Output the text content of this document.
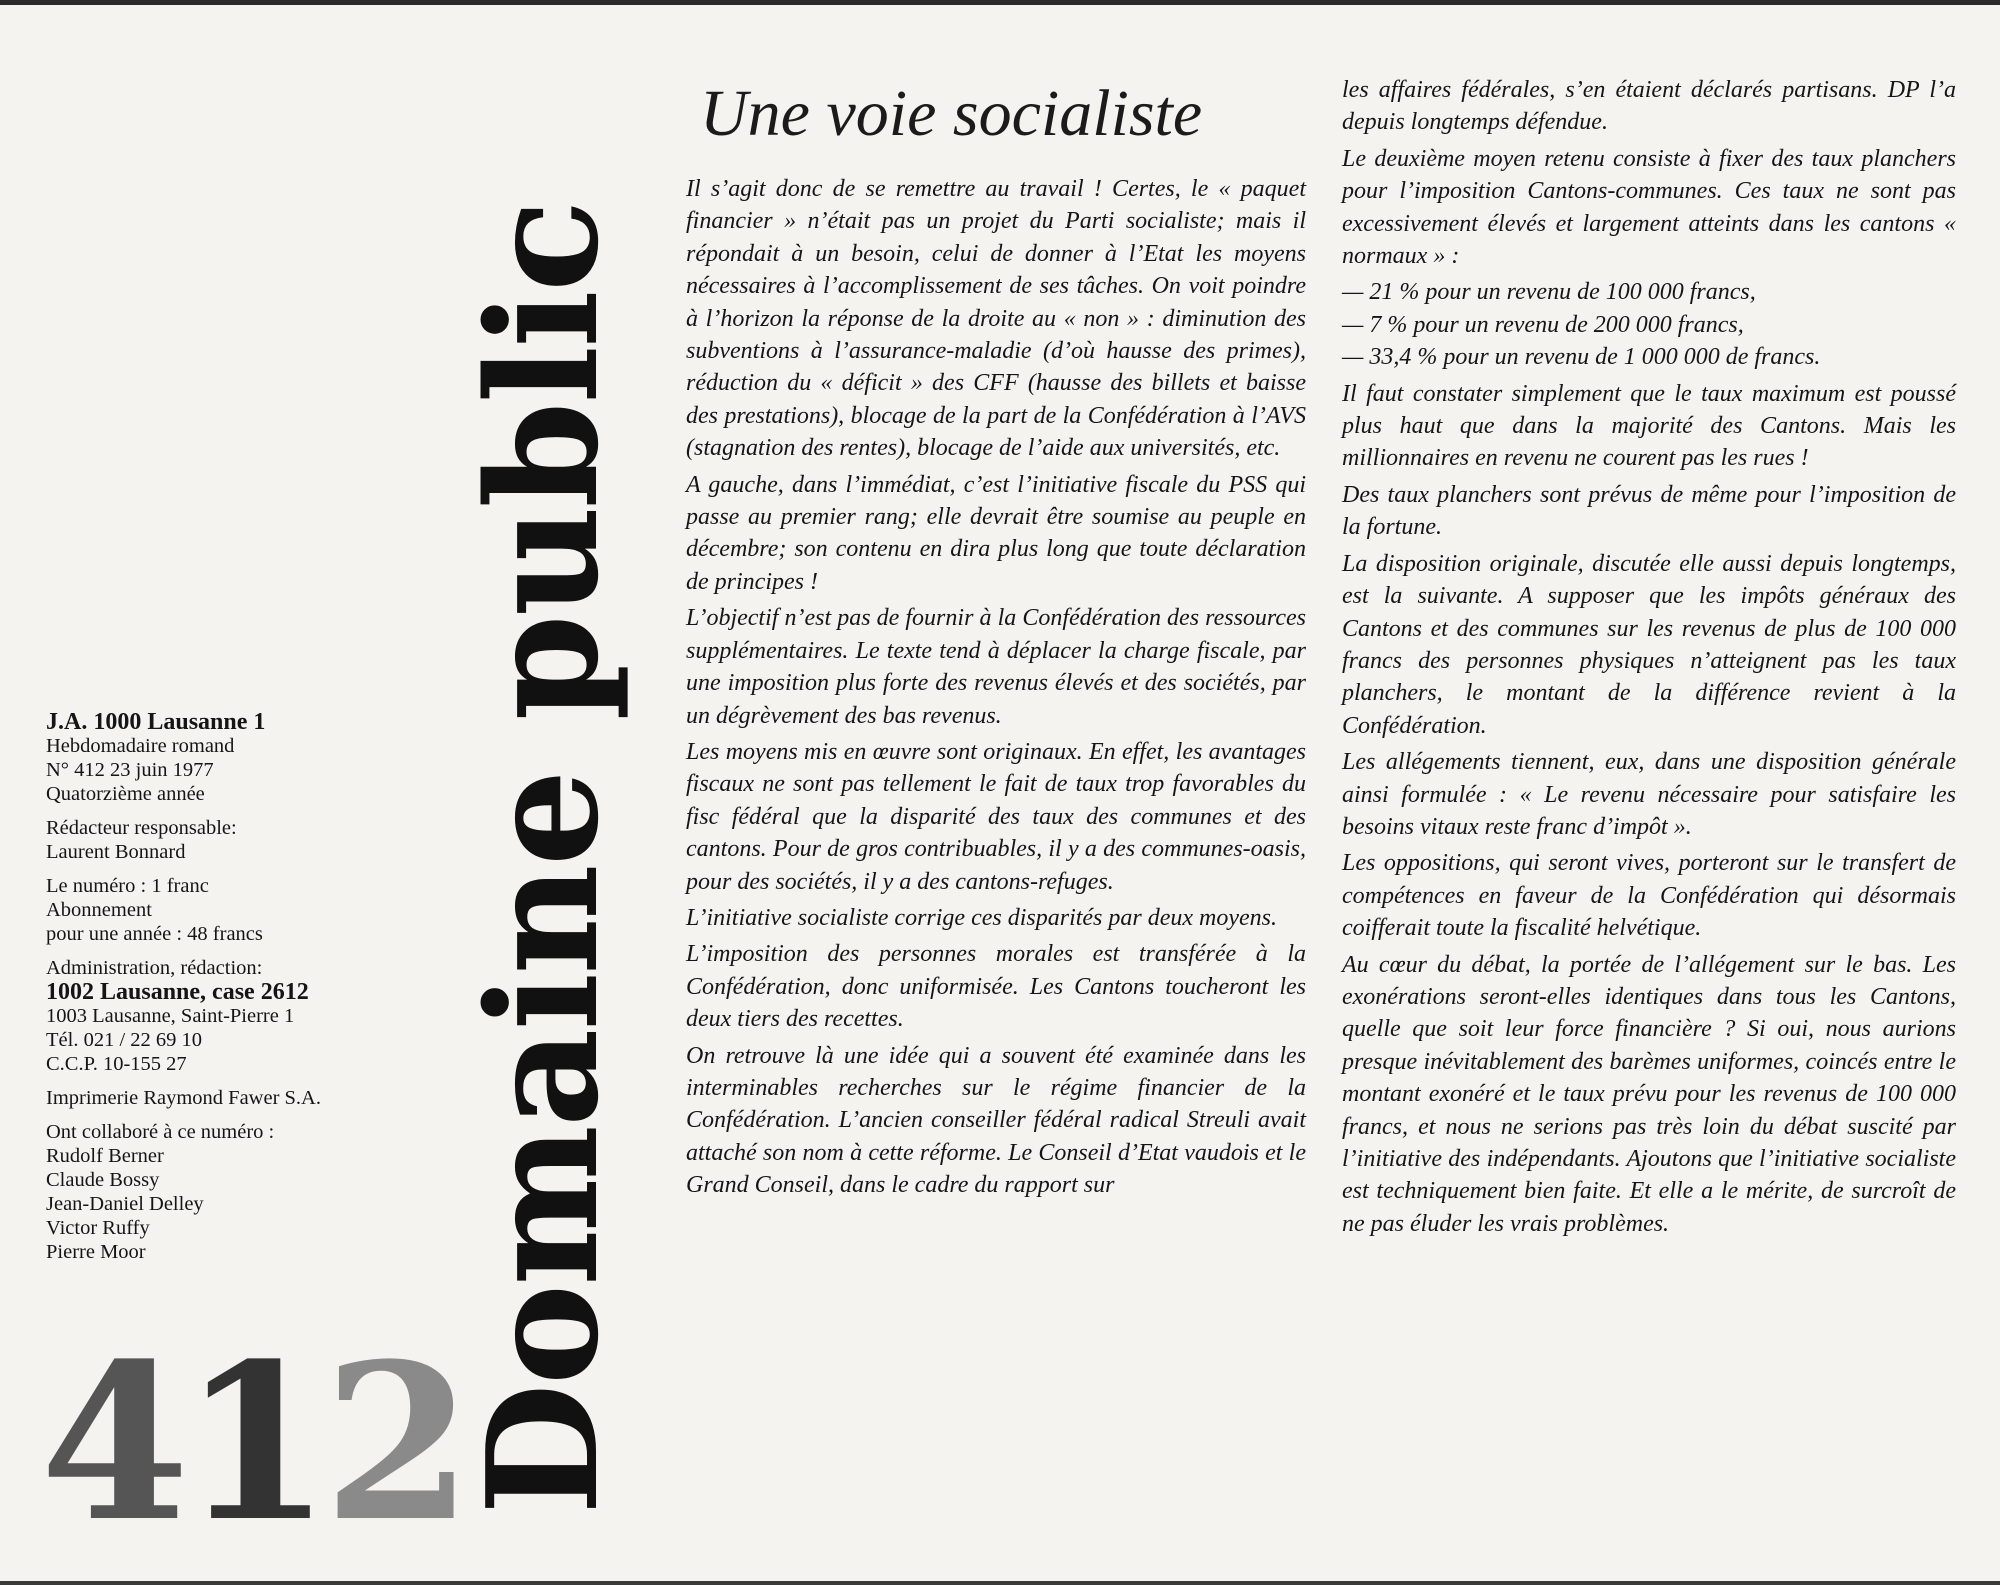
J.A. 1000 Lausanne 1
Hebdomadaire romand
N° 412 23 juin 1977
Quatorzième année

Rédacteur responsable:
Laurent Bonnard

Le numéro : 1 franc
Abonnement
pour une année : 48 francs

Administration, rédaction:
1002 Lausanne, case 2612
1003 Lausanne, Saint-Pierre 1
Tél. 021 / 22 69 10
C.C.P. 10-155 27

Imprimerie Raymond Fawer S.A.

Ont collaboré à ce numéro :
Rudolf Berner
Claude Bossy
Jean-Daniel Delley
Victor Ruffy
Pierre Moor

412
Domaine public
Une voie socialiste

Il s’agit donc de se remettre au travail ! Certes, le « paquet financier » n’était pas un projet du Parti socialiste; mais il répondait à un besoin, celui de donner à l’Etat les moyens nécessaires à l’accomplissement de ses tâches. On voit poindre à l’horizon la réponse de la droite au « non » : diminution des subventions à l’assurance-maladie (d’où hausse des primes), réduction du « déficit » des CFF (hausse des billets et baisse des prestations), blocage de la part de la Confédération à l’AVS (stagnation des rentes), blocage de l’aide aux universités, etc.

A gauche, dans l’immédiat, c’est l’initiative fiscale du PSS qui passe au premier rang; elle devrait être soumise au peuple en décembre; son contenu en dira plus long que toute déclaration de principes !

L’objectif n’est pas de fournir à la Confédération des ressources supplémentaires. Le texte tend à déplacer la charge fiscale, par une imposition plus forte des revenus élevés et des sociétés, par un dégrèvement des bas revenus.

Les moyens mis en œuvre sont originaux. En effet, les avantages fiscaux ne sont pas tellement le fait de taux trop favorables du fisc fédéral que la disparité des taux des communes et des cantons. Pour de gros contribuables, il y a des communes-oasis, pour des sociétés, il y a des cantons-refuges.

L’initiative socialiste corrige ces disparités par deux moyens.

L’imposition des personnes morales est transférée à la Confédération, donc uniformisée. Les Cantons toucheront les deux tiers des recettes.

On retrouve là une idée qui a souvent été examinée dans les interminables recherches sur le régime financier de la Confédération. L’ancien conseiller fédéral radical Streuli avait attaché son nom à cette réforme. Le Conseil d’Etat vaudois et le Grand Conseil, dans le cadre du rapport sur

les affaires fédérales, s’en étaient déclarés partisans. DP l’a depuis longtemps défendue.

Le deuxième moyen retenu consiste à fixer des taux planchers pour l’imposition Cantons-communes. Ces taux ne sont pas excessivement élevés et largement atteints dans les cantons « normaux » :

— 21 % pour un revenu de 100 000 francs,
— 7 % pour un revenu de 200 000 francs,
— 33,4 % pour un revenu de 1 000 000 de francs.

Il faut constater simplement que le taux maximum est poussé plus haut que dans la majorité des Cantons. Mais les millionnaires en revenu ne courent pas les rues !

Des taux planchers sont prévus de même pour l’imposition de la fortune.

La disposition originale, discutée elle aussi depuis longtemps, est la suivante. A supposer que les impôts généraux des Cantons et des communes sur les revenus de plus de 100 000 francs des personnes physiques n’atteignent pas les taux planchers, le montant de la différence revient à la Confédération.

Les allégements tiennent, eux, dans une disposition générale ainsi formulée : « Le revenu nécessaire pour satisfaire les besoins vitaux reste franc d’impôt ».

Les oppositions, qui seront vives, porteront sur le transfert de compétences en faveur de la Confédération qui désormais coifferait toute la fiscalité helvétique.

Au cœur du débat, la portée de l’allégement sur le bas. Les exonérations seront-elles identiques dans tous les Cantons, quelle que soit leur force financière ? Si oui, nous aurions presque inévitablement des barèmes uniformes, coincés entre le montant exonéré et le taux prévu pour les revenus de 100 000 francs, et nous ne serions pas très loin du débat suscité par l’initiative des indépendants. Ajoutons que l’initiative socialiste est techniquement bien faite. Et elle a le mérite, de surcroît de ne pas éluder les vrais problèmes.
